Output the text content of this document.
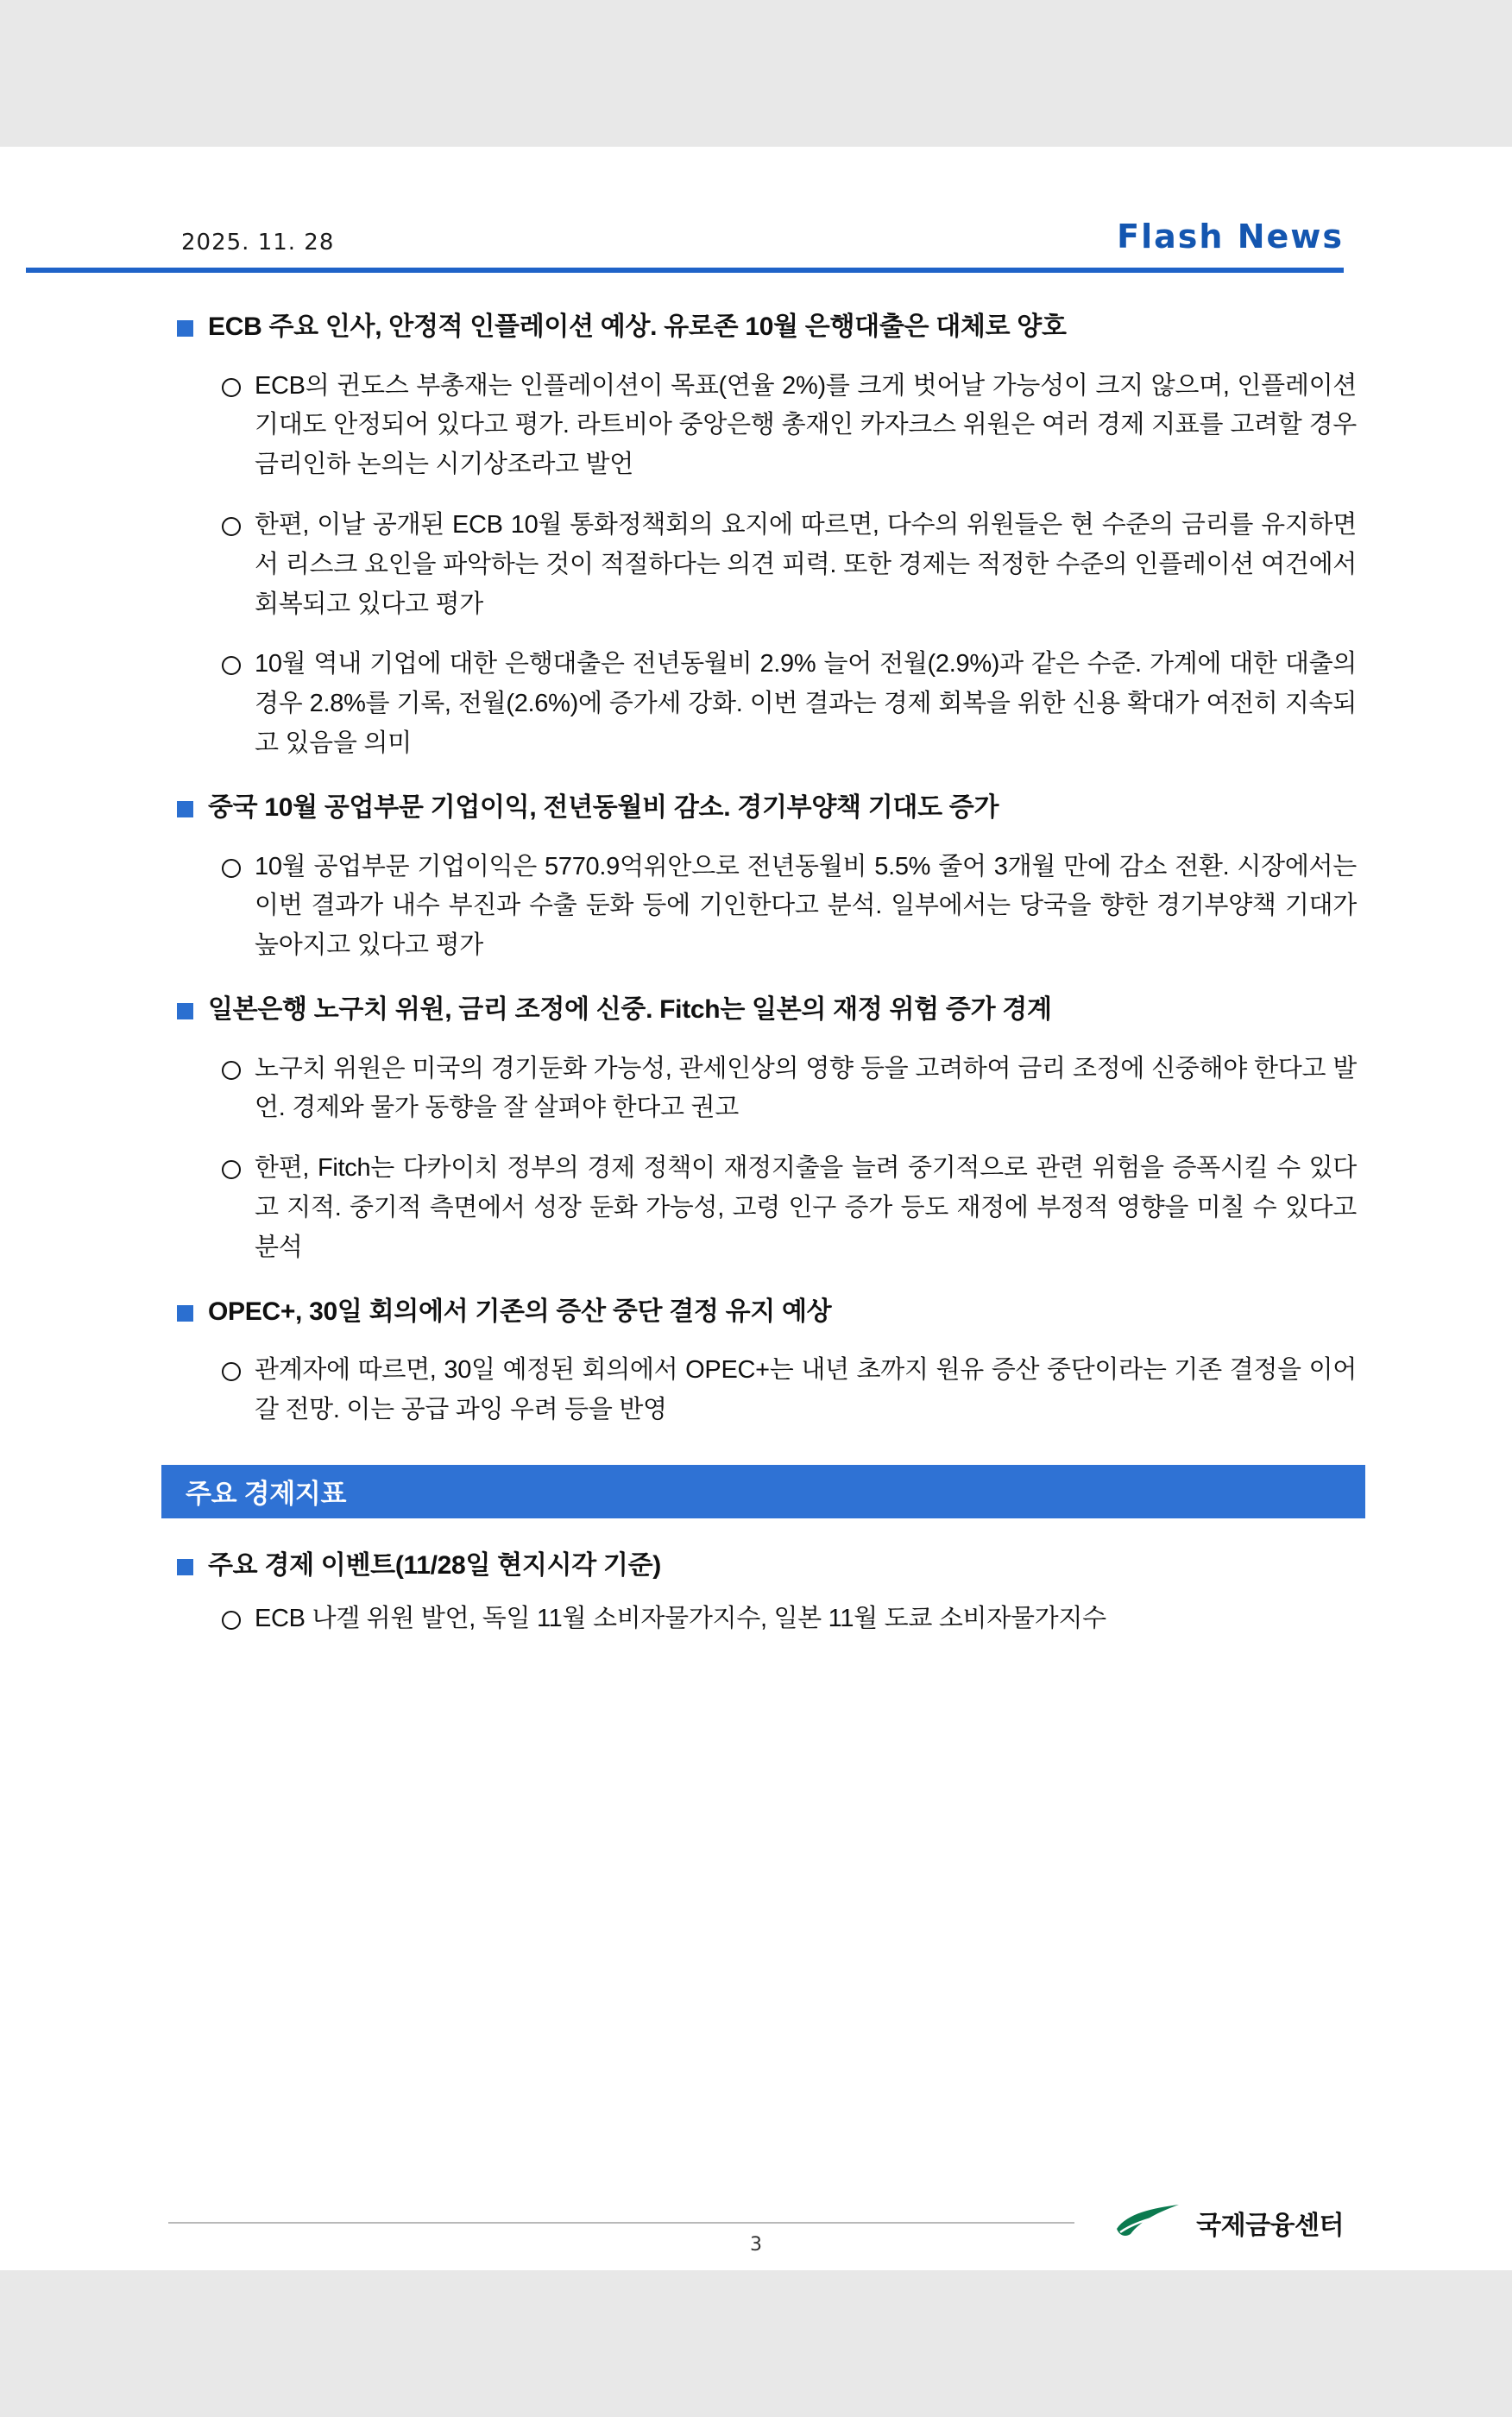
2025. 11. 28	Flash News
ECB 주요 인사, 안정적 인플레이션 예상. 유로존 10월 은행대출은 대체로 양호
ECB의 귄도스 부총재는 인플레이션이 목표(연율 2%)를 크게 벗어날 가능성이 크지 않으며, 인플레이션 기대도 안정되어 있다고 평가. 라트비아 중앙은행 총재인 카자크스 위원은 여러 경제 지표를 고려할 경우 금리인하 논의는 시기상조라고 발언
한편, 이날 공개된 ECB 10월 통화정책회의 요지에 따르면, 다수의 위원들은 현 수준의 금리를 유지하면서 리스크 요인을 파악하는 것이 적절하다는 의견 피력. 또한 경제는 적정한 수준의 인플레이션 여건에서 회복되고 있다고 평가
10월 역내 기업에 대한 은행대출은 전년동월비 2.9% 늘어 전월(2.9%)과 같은 수준. 가계에 대한 대출의 경우 2.8%를 기록, 전월(2.6%)에 증가세 강화. 이번 결과는 경제 회복을 위한 신용 확대가 여전히 지속되고 있음을 의미
중국 10월 공업부문 기업이익, 전년동월비 감소. 경기부양책 기대도 증가
10월 공업부문 기업이익은 5770.9억위안으로 전년동월비 5.5% 줄어 3개월 만에 감소 전환. 시장에서는 이번 결과가 내수 부진과 수출 둔화 등에 기인한다고 분석. 일부에서는 당국을 향한 경기부양책 기대가 높아지고 있다고 평가
일본은행 노구치 위원, 금리 조정에 신중. Fitch는 일본의 재정 위험 증가 경계
노구치 위원은 미국의 경기둔화 가능성, 관세인상의 영향 등을 고려하여 금리 조정에 신중해야 한다고 발언. 경제와 물가 동향을 잘 살펴야 한다고 권고
한편, Fitch는 다카이치 정부의 경제 정책이 재정지출을 늘려 중기적으로 관련 위험을 증폭시킬 수 있다고 지적. 중기적 측면에서 성장 둔화 가능성, 고령 인구 증가 등도 재정에 부정적 영향을 미칠 수 있다고 분석
OPEC+, 30일 회의에서 기존의 증산 중단 결정 유지 예상
관계자에 따르면, 30일 예정된 회의에서 OPEC+는 내년 초까지 원유 증산 중단이라는 기존 결정을 이어갈 전망. 이는 공급 과잉 우려 등을 반영
주요 경제지표
주요 경제 이벤트(11/28일 현지시각 기준)
ECB 나겔 위원 발언, 독일 11월 소비자물가지수, 일본 11월 도쿄 소비자물가지수
3
국제금융센터
